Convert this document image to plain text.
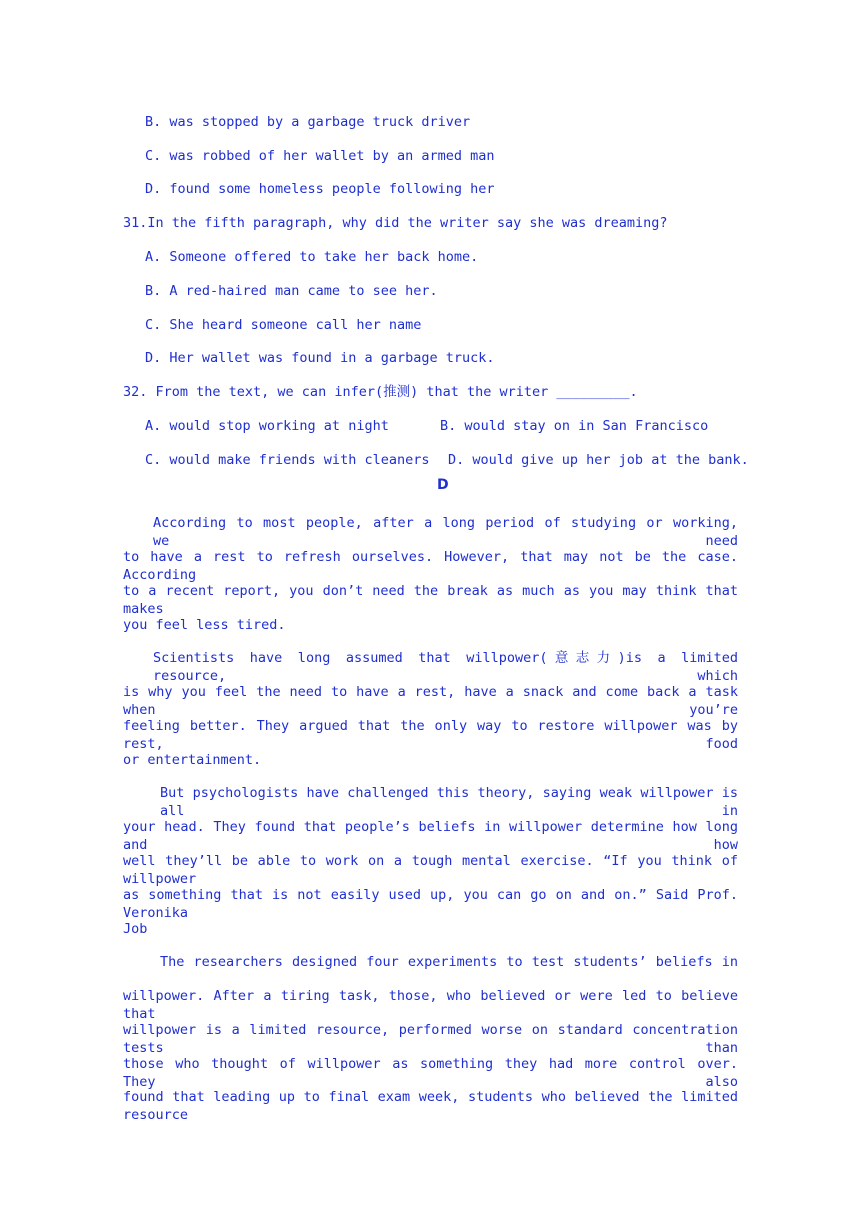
B. was stopped by a garbage truck driver
C. was robbed of her wallet by an armed man
D. found some homeless people following her
31.In the fifth paragraph, why did the writer say she was dreaming?
A. Someone offered to take her back home.
B. A red-haired man came to see her.
C. She heard someone call her name
D. Her wallet was found in a garbage truck.
32. From the text, we can infer(推测) that the writer _________.
A. would stop working at night	B. would stay on in San Francisco
C. would make friends with cleaners D. would give up her job at the bank.
D
According to most people, after a long period of studying or working, we need
to have a rest to refresh ourselves. However, that may not be the case. According
to a recent report, you don’t need the break as much as you may think that makes
you feel less tired.
Scientists have long assumed that willpower(意志力)is a limited resource, which
is why you feel the need to have a rest, have a snack and come back a task when you’re
feeling better. They argued that the only way to restore willpower was by rest, food
or entertainment.
But psychologists have challenged this theory, saying weak willpower is all in
your head. They found that people’s beliefs in willpower determine how long and how
well they’ll be able to work on a tough mental exercise. “If you think of willpower
as something that is not easily used up, you can go on and on.” Said Prof. Veronika
Job
The researchers designed four experiments to test students’ beliefs in
willpower. After a tiring task, those, who believed or were led to believe that
willpower is a limited resource, performed worse on standard concentration tests than
those who thought of willpower as something they had more control over. They also
found that leading up to final exam week, students who believed the limited resource
